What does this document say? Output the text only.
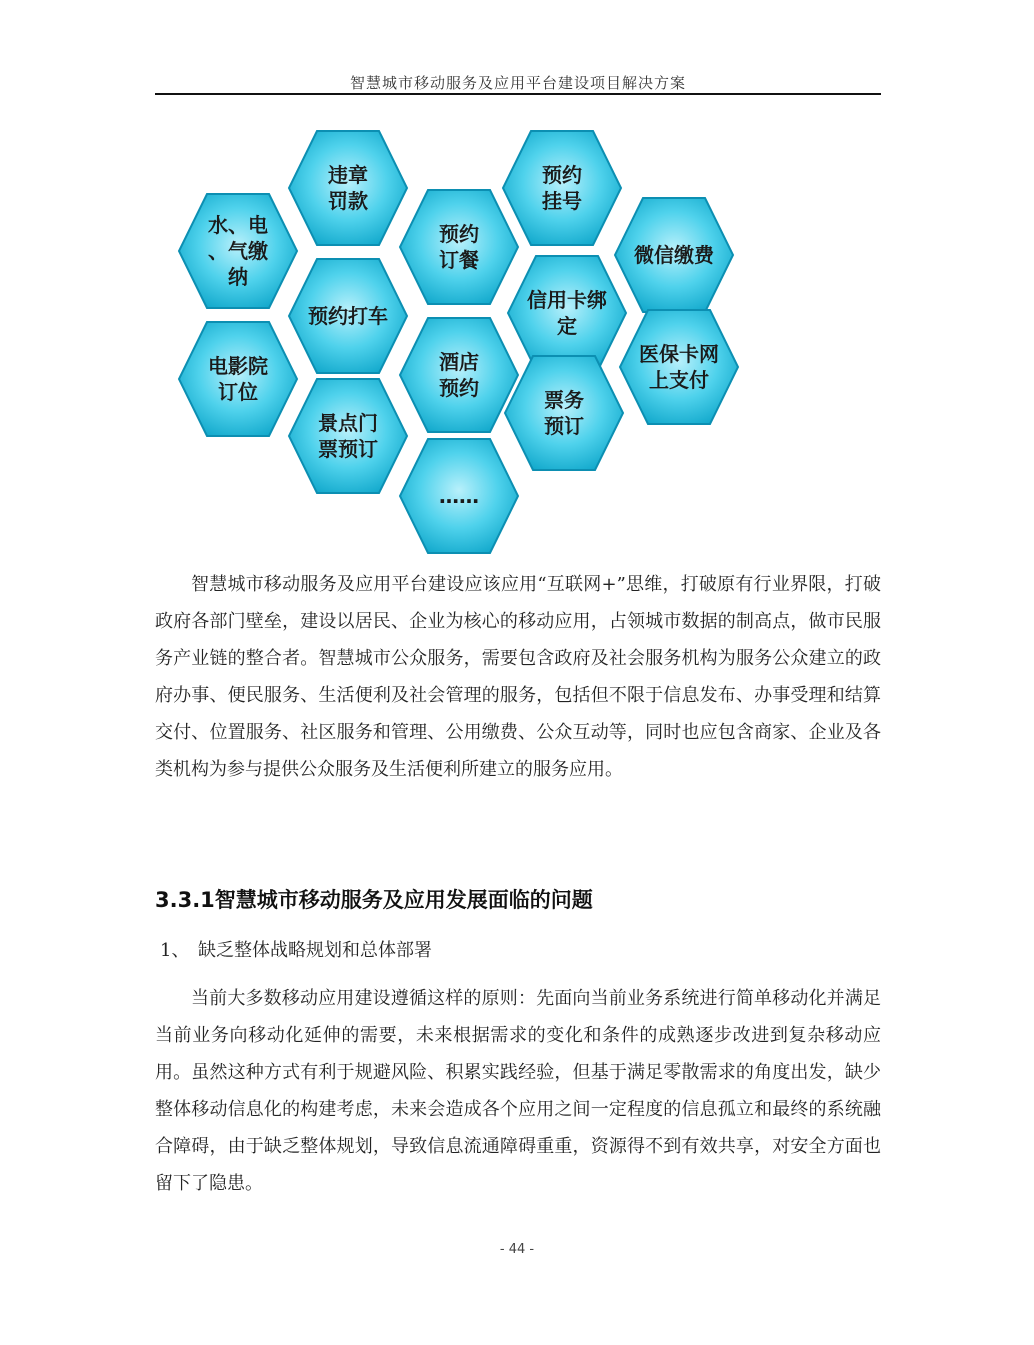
智慧城市移动服务及应用平台建设项目解决方案
水、电
、气缴
纳
违章
罚款
预约打车
电影院
订位
景点门
票预订
预约
订餐
酒店
预约
……
预约
挂号
信用卡绑
定
票务
预订
微信缴费
医保卡网
上支付

智慧城市移动服务及应用平台建设应该应用“互联网+”思维，打破原有行业界限，打破政府各部门壁垒，建设以居民、企业为核心的移动应用，占领城市数据的制高点，做市民服务产业链的整合者。智慧城市公众服务，需要包含政府及社会服务机构为服务公众建立的政府办事、便民服务、生活便利及社会管理的服务，包括但不限于信息发布、办事受理和结算交付、位置服务、社区服务和管理、公用缴费、公众互动等，同时也应包含商家、企业及各类机构为参与提供公众服务及生活便利所建立的服务应用。

3.3.1智慧城市移动服务及应用发展面临的问题
1、 缺乏整体战略规划和总体部署

当前大多数移动应用建设遵循这样的原则：先面向当前业务系统进行简单移动化并满足当前业务向移动化延伸的需要，未来根据需求的变化和条件的成熟逐步改进到复杂移动应用。虽然这种方式有利于规避风险、积累实践经验，但基于满足零散需求的角度出发，缺少整体移动信息化的构建考虑，未来会造成各个应用之间一定程度的信息孤立和最终的系统融合障碍，由于缺乏整体规划，导致信息流通障碍重重，资源得不到有效共享，对安全方面也留下了隐患。

- 44 -
